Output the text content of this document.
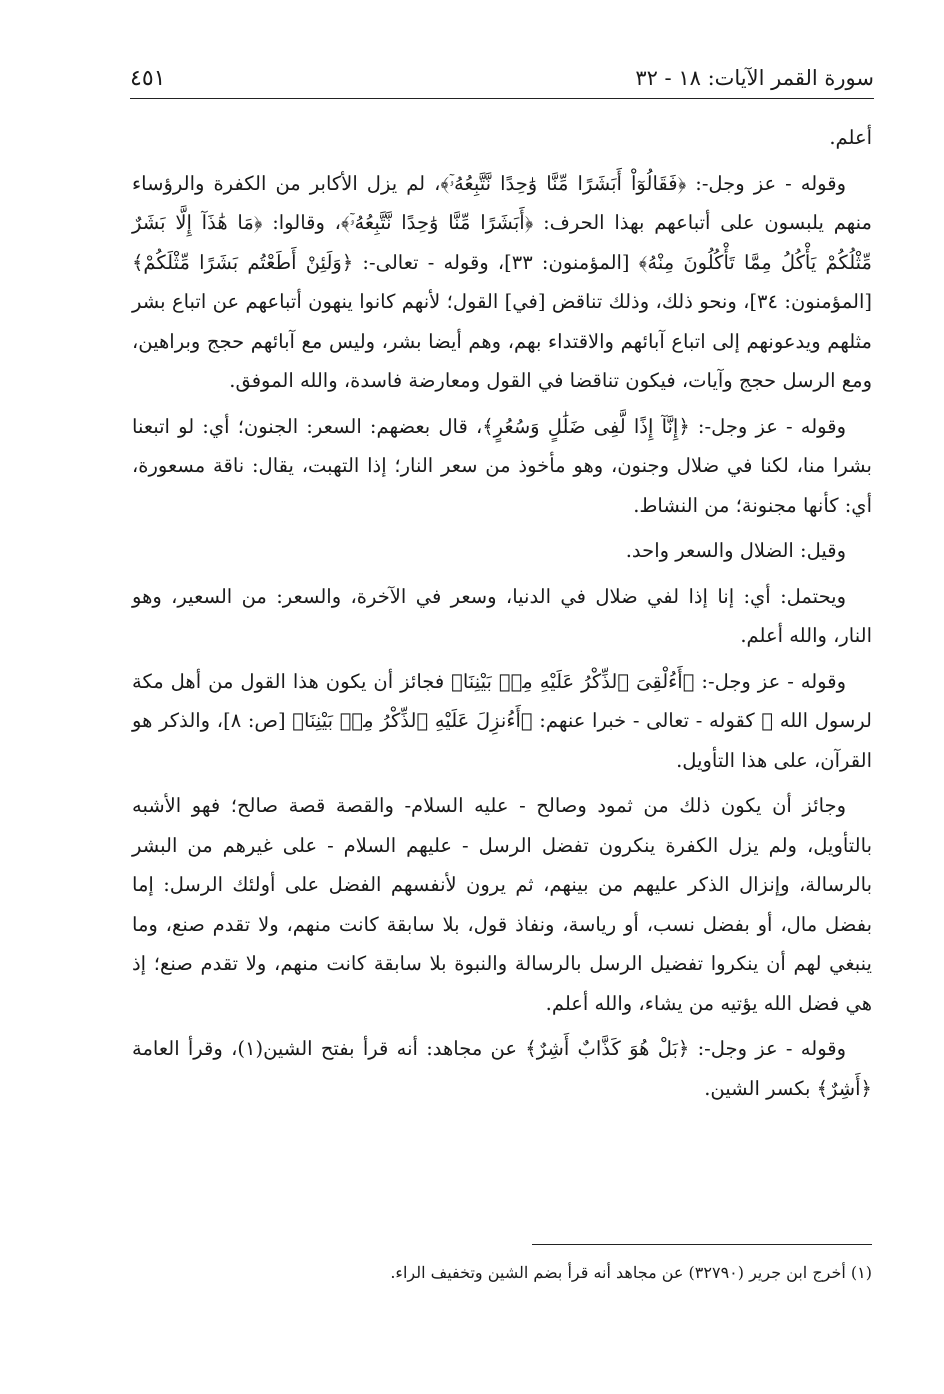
سورة القمر الآيات: ١٨ - ٣٢
٤٥١

أعلم.

وقوله - عز وجل-: ﴿فَقَالُوٓاْ أَبَشَرًا مِّنَّا وَٰحِدًا نَّتَّبِعُهُۥٓ﴾، لم يزل الأكابر من الكفرة والرؤساء منهم يلبسون على أتباعهم بهذا الحرف: ﴿أَبَشَرًا مِّنَّا وَٰحِدًا نَّتَّبِعُهُۥٓ﴾، وقالوا: ﴿مَا هَٰذَآ إِلَّا بَشَرٌ مِّثْلُكُمْ يَأْكُلُ مِمَّا تَأْكُلُونَ مِنْهُ﴾ [المؤمنون: ٣٣]، وقوله - تعالى-: ﴿وَلَئِنْ أَطَعْتُم بَشَرًا مِّثْلَكُمْ﴾ [المؤمنون: ٣٤]، ونحو ذلك، وذلك تناقض [في] القول؛ لأنهم كانوا ينهون أتباعهم عن اتباع بشر مثلهم ويدعونهم إلى اتباع آبائهم والاقتداء بهم، وهم أيضا بشر، وليس مع آبائهم حجج وبراهين، ومع الرسل حجج وآيات، فيكون تناقضا في القول ومعارضة فاسدة، والله الموفق.

وقوله - عز وجل-: ﴿إِنَّآ إِذًا لَّفِى ضَلَٰلٍ وَسُعُرٍ﴾، قال بعضهم: السعر: الجنون؛ أي: لو اتبعنا بشرا منا، لكنا في ضلال وجنون، وهو مأخوذ من سعر النار؛ إذا التهبت، يقال: ناقة مسعورة، أي: كأنها مجنونة؛ من النشاط.

وقيل: الضلال والسعر واحد.

ويحتمل: أي: إنا إذا لفي ضلال في الدنيا، وسعر في الآخرة، والسعر: من السعير، وهو النار، والله أعلم.

وقوله - عز وجل-: ﴿أَءُلْقِىَ ٱلذِّكْرُ عَلَيْهِ مِنۢ بَيْنِنَا﴾ فجائز أن يكون هذا القول من أهل مكة لرسول الله ﷺ كقوله - تعالى - خبرا عنهم: ﴿أَءُنزِلَ عَلَيْهِ ٱلذِّكْرُ مِنۢ بَيْنِنَا﴾ [ص: ٨]، والذكر هو القرآن، على هذا التأويل.

وجائز أن يكون ذلك من ثمود وصالح - عليه السلام- والقصة قصة صالح؛ فهو الأشبه بالتأويل، ولم يزل الكفرة ينكرون تفضل الرسل - عليهم السلام - على غيرهم من البشر بالرسالة، وإنزال الذكر عليهم من بينهم، ثم يرون لأنفسهم الفضل على أولئك الرسل: إما بفضل مال، أو بفضل نسب، أو رياسة، ونفاذ قول، بلا سابقة كانت منهم، ولا تقدم صنع، وما ينبغي لهم أن ينكروا تفضيل الرسل بالرسالة والنبوة بلا سابقة كانت منهم، ولا تقدم صنع؛ إذ هي فضل الله يؤتيه من يشاء، والله أعلم.

وقوله - عز وجل-: ﴿بَلْ هُوَ كَذَّابٌ أَشِرٌ﴾ عن مجاهد: أنه قرأ بفتح الشين(١)، وقرأ العامة ﴿أَشِرٌ﴾ بكسر الشين.

(١) أخرج ابن جرير (٣٢٧٩٠) عن مجاهد أنه قرأ بضم الشين وتخفيف الراء.
